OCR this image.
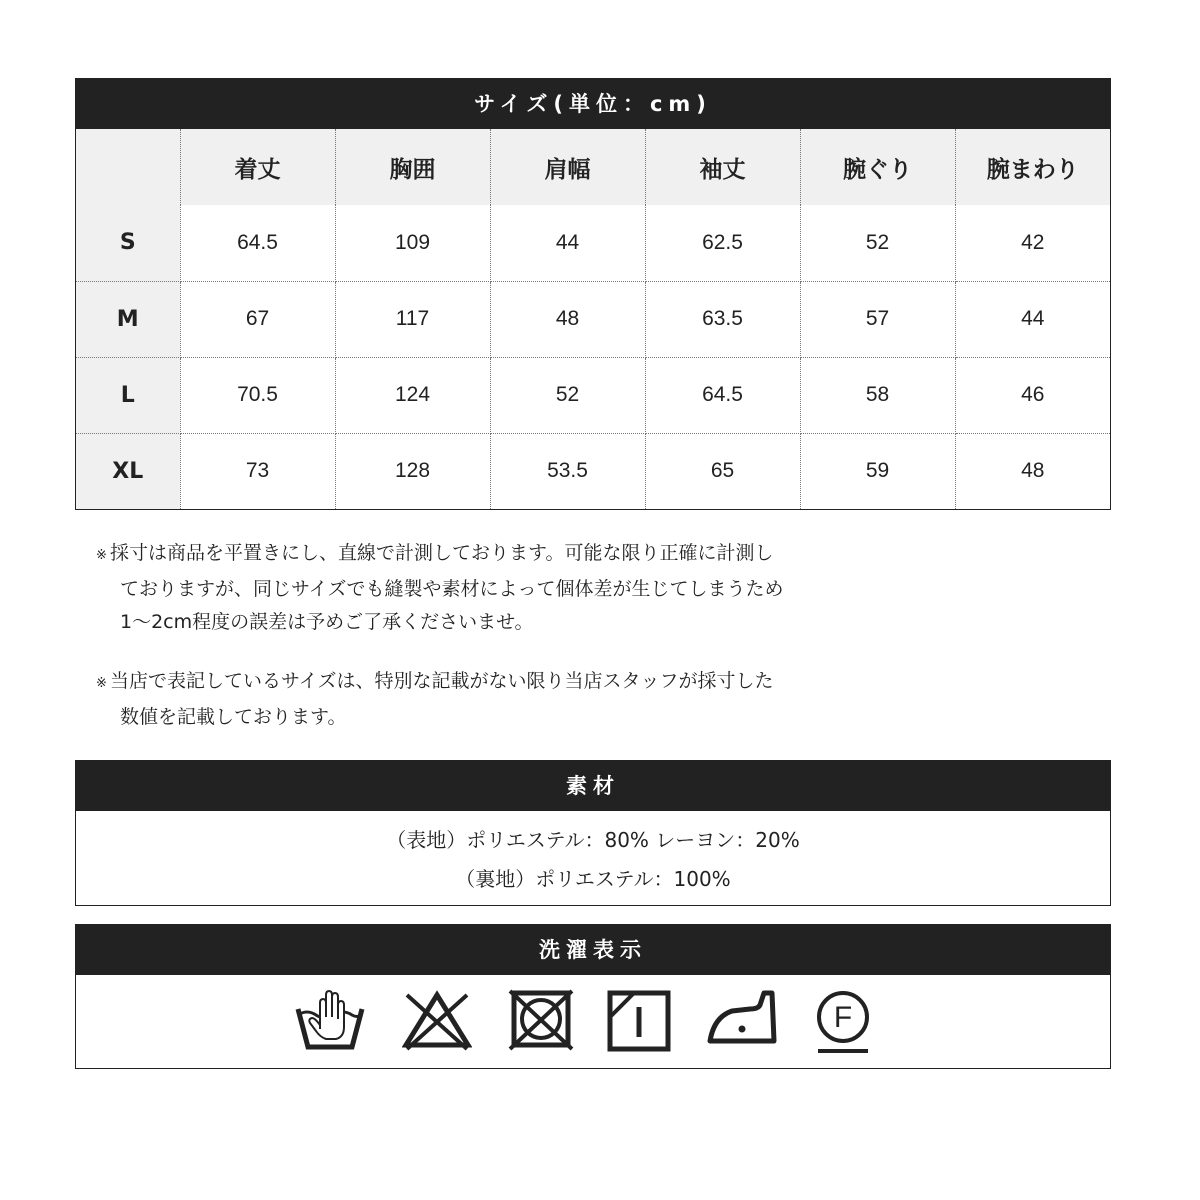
サイズ(単位：cm)
	着丈	胸囲	肩幅	袖丈	腕ぐり	腕まわり
S	64.5	109	44	62.5	52	42
M	67	117	48	63.5	57	44
L	70.5	124	52	64.5	58	46
XL	73	128	53.5	65	59	48
※ 採寸は商品を平置きにし、直線で計測しております。可能な限り正確に計測し
ておりますが、同じサイズでも縫製や素材によって個体差が生じてしまうため
1〜2cm程度の誤差は予めご了承くださいませ。
※ 当店で表記しているサイズは、特別な記載がない限り当店スタッフが採寸した
数値を記載しております。
素材
（表地）ポリエステル：80% レーヨン：20%
（裏地）ポリエステル：100%
洗濯表示
F
